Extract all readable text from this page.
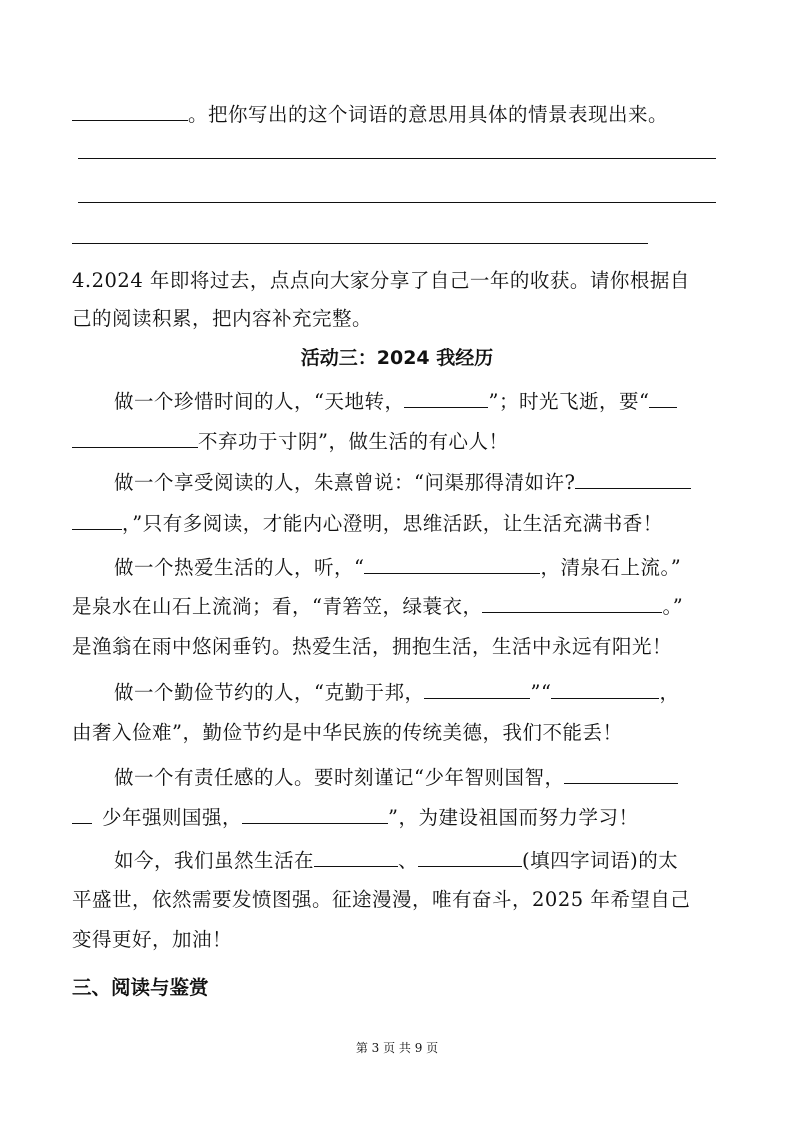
。把你写出的这个词语的意思用具体的情景表现出来。
4.2024 年即将过去，点点向大家分享了自己一年的收获。请你根据自
己的阅读积累，把内容补充完整。
活动三：2024 我经历
做一个珍惜时间的人，“天地转，	”；时光飞逝，要“
不弃功于寸阴”，做生活的有心人！
做一个享受阅读的人，朱熹曾说：“问渠那得清如许?
，”只有多阅读，才能内心澄明，思维活跃，让生活充满书香！
做一个热爱生活的人，听，“	，清泉石上流。”
是泉水在山石上流淌；看，“青箬笠，绿蓑衣，	。”
是渔翁在雨中悠闲垂钓。热爱生活，拥抱生活，生活中永远有阳光！
做一个勤俭节约的人，“克勤于邦，	”“	，
由奢入俭难”，勤俭节约是中华民族的传统美德，我们不能丢！
做一个有责任感的人。要时刻谨记“少年智则国智，
少年强则国强，	”，为建设祖国而努力学习！
如今，我们虽然生活在	、	(填四字词语)的太
平盛世，依然需要发愤图强。征途漫漫，唯有奋斗，2025 年希望自己
变得更好，加油！
三、阅读与鉴赏
第 3 页 共 9 页
